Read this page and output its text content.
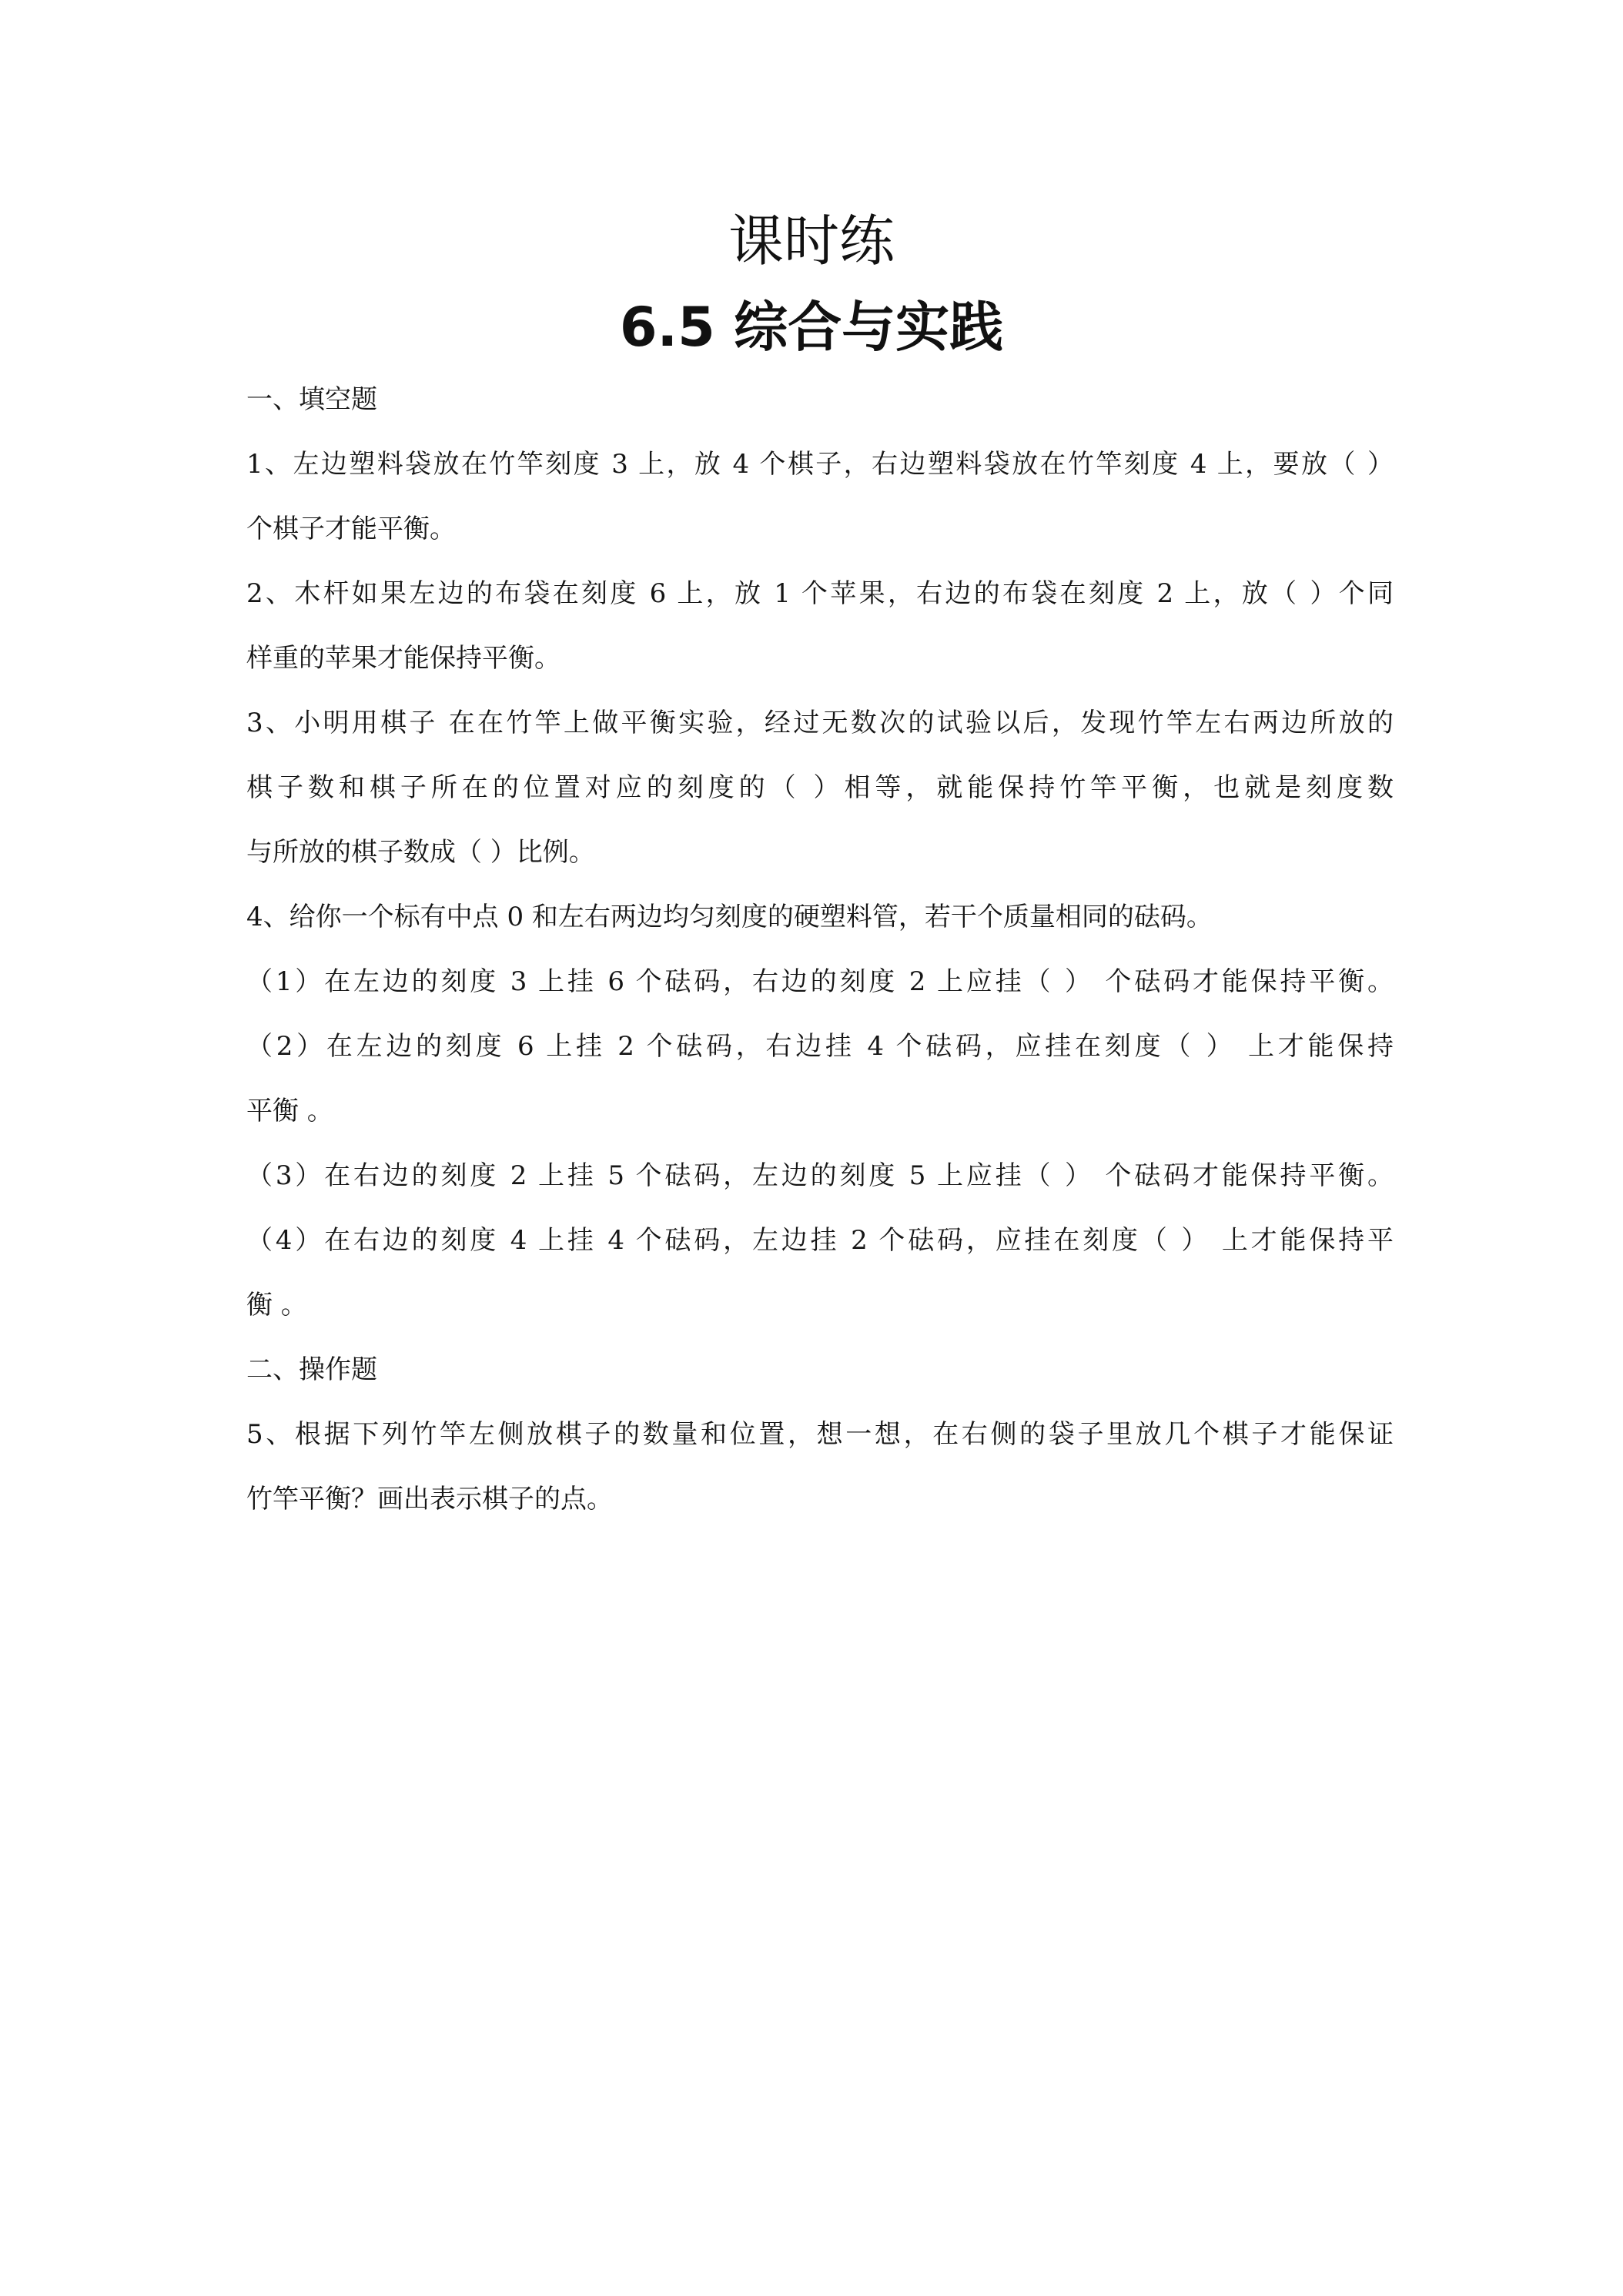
课时练
6.5 综合与实践
一、填空题
1、左边塑料袋放在竹竿刻度 3 上，放 4 个棋子，右边塑料袋放在竹竿刻度 4 上，要放（ ）
个棋子才能平衡。
2、木杆如果左边的布袋在刻度 6 上，放 1 个苹果，右边的布袋在刻度 2 上，放（ ）个同
样重的苹果才能保持平衡。
3、小明用棋子 在在竹竿上做平衡实验，经过无数次的试验以后，发现竹竿左右两边所放的
棋子数和棋子所在的位置对应的刻度的（ ）相等，就能保持竹竿平衡，也就是刻度数
与所放的棋子数成（ ）比例。
4、给你一个标有中点 0 和左右两边均匀刻度的硬塑料管，若干个质量相同的砝码。
（1）在左边的刻度 3 上挂 6 个砝码，右边的刻度 2 上应挂（ ） 个砝码才能保持平衡。
（2）在左边的刻度 6 上挂 2 个砝码，右边挂 4 个砝码，应挂在刻度（ ） 上才能保持
平衡 。
（3）在右边的刻度 2 上挂 5 个砝码，左边的刻度 5 上应挂（ ） 个砝码才能保持平衡。
（4）在右边的刻度 4 上挂 4 个砝码，左边挂 2 个砝码，应挂在刻度（ ） 上才能保持平
衡 。
二、操作题
5、根据下列竹竿左侧放棋子的数量和位置，想一想，在右侧的袋子里放几个棋子才能保证
竹竿平衡？画出表示棋子的点。
